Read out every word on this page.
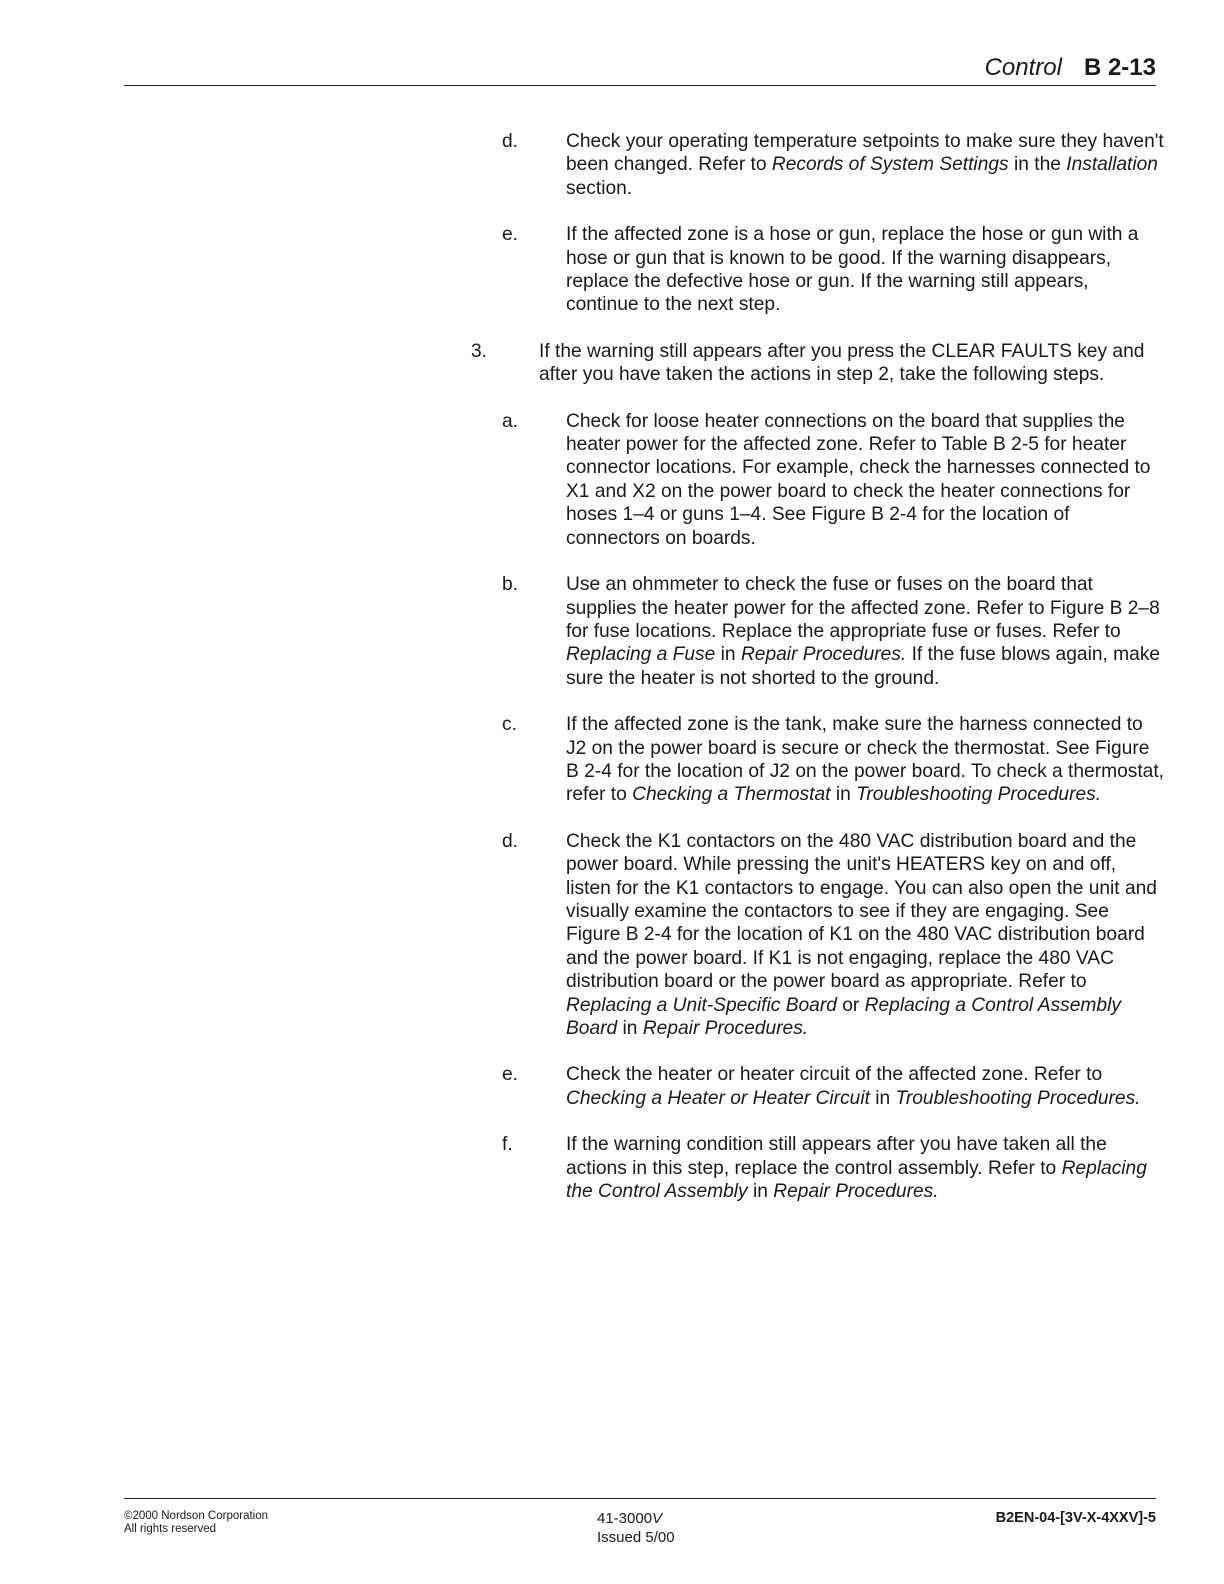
Control B 2-13
d. Check your operating temperature setpoints to make sure they haven't been changed. Refer to Records of System Settings in the Installation section.
e. If the affected zone is a hose or gun, replace the hose or gun with a hose or gun that is known to be good. If the warning disappears, replace the defective hose or gun. If the warning still appears, continue to the next step.
3.	If the warning still appears after you press the CLEAR FAULTS key and after you have taken the actions in step 2, take the following steps.
a. Check for loose heater connections on the board that supplies the heater power for the affected zone. Refer to Table B 2-5 for heater connector locations. For example, check the harnesses connected to X1 and X2 on the power board to check the heater connections for hoses 1–4 or guns 1–4. See Figure B 2-4 for the location of connectors on boards.
b. Use an ohmmeter to check the fuse or fuses on the board that supplies the heater power for the affected zone. Refer to Figure B 2–8 for fuse locations. Replace the appropriate fuse or fuses. Refer to Replacing a Fuse in Repair Procedures. If the fuse blows again, make sure the heater is not shorted to the ground.
c.	If the affected zone is the tank, make sure the harness connected to J2 on the power board is secure or check the thermostat. See Figure B 2-4 for the location of J2 on the power board. To check a thermostat, refer to Checking a Thermostat in Troubleshooting Procedures.
d. Check the K1 contactors on the 480 VAC distribution board and the power board. While pressing the unit's HEATERS key on and off, listen for the K1 contactors to engage. You can also open the unit and visually examine the contactors to see if they are engaging. See Figure B 2-4 for the location of K1 on the 480 VAC distribution board and the power board. If K1 is not engaging, replace the 480 VAC distribution board or the power board as appropriate. Refer to Replacing a Unit-Specific Board or Replacing a Control Assembly Board in Repair Procedures.
e. Check the heater or heater circuit of the affected zone. Refer to Checking a Heater or Heater Circuit in Troubleshooting Procedures.
f.	If the warning condition still appears after you have taken all the actions in this step, replace the control assembly. Refer to Replacing the Control Assembly in Repair Procedures.
©2000 Nordson Corporation
All rights reserved
41-3000V
Issued 5/00
B2EN-04-[3V-X-4XXV]-5
